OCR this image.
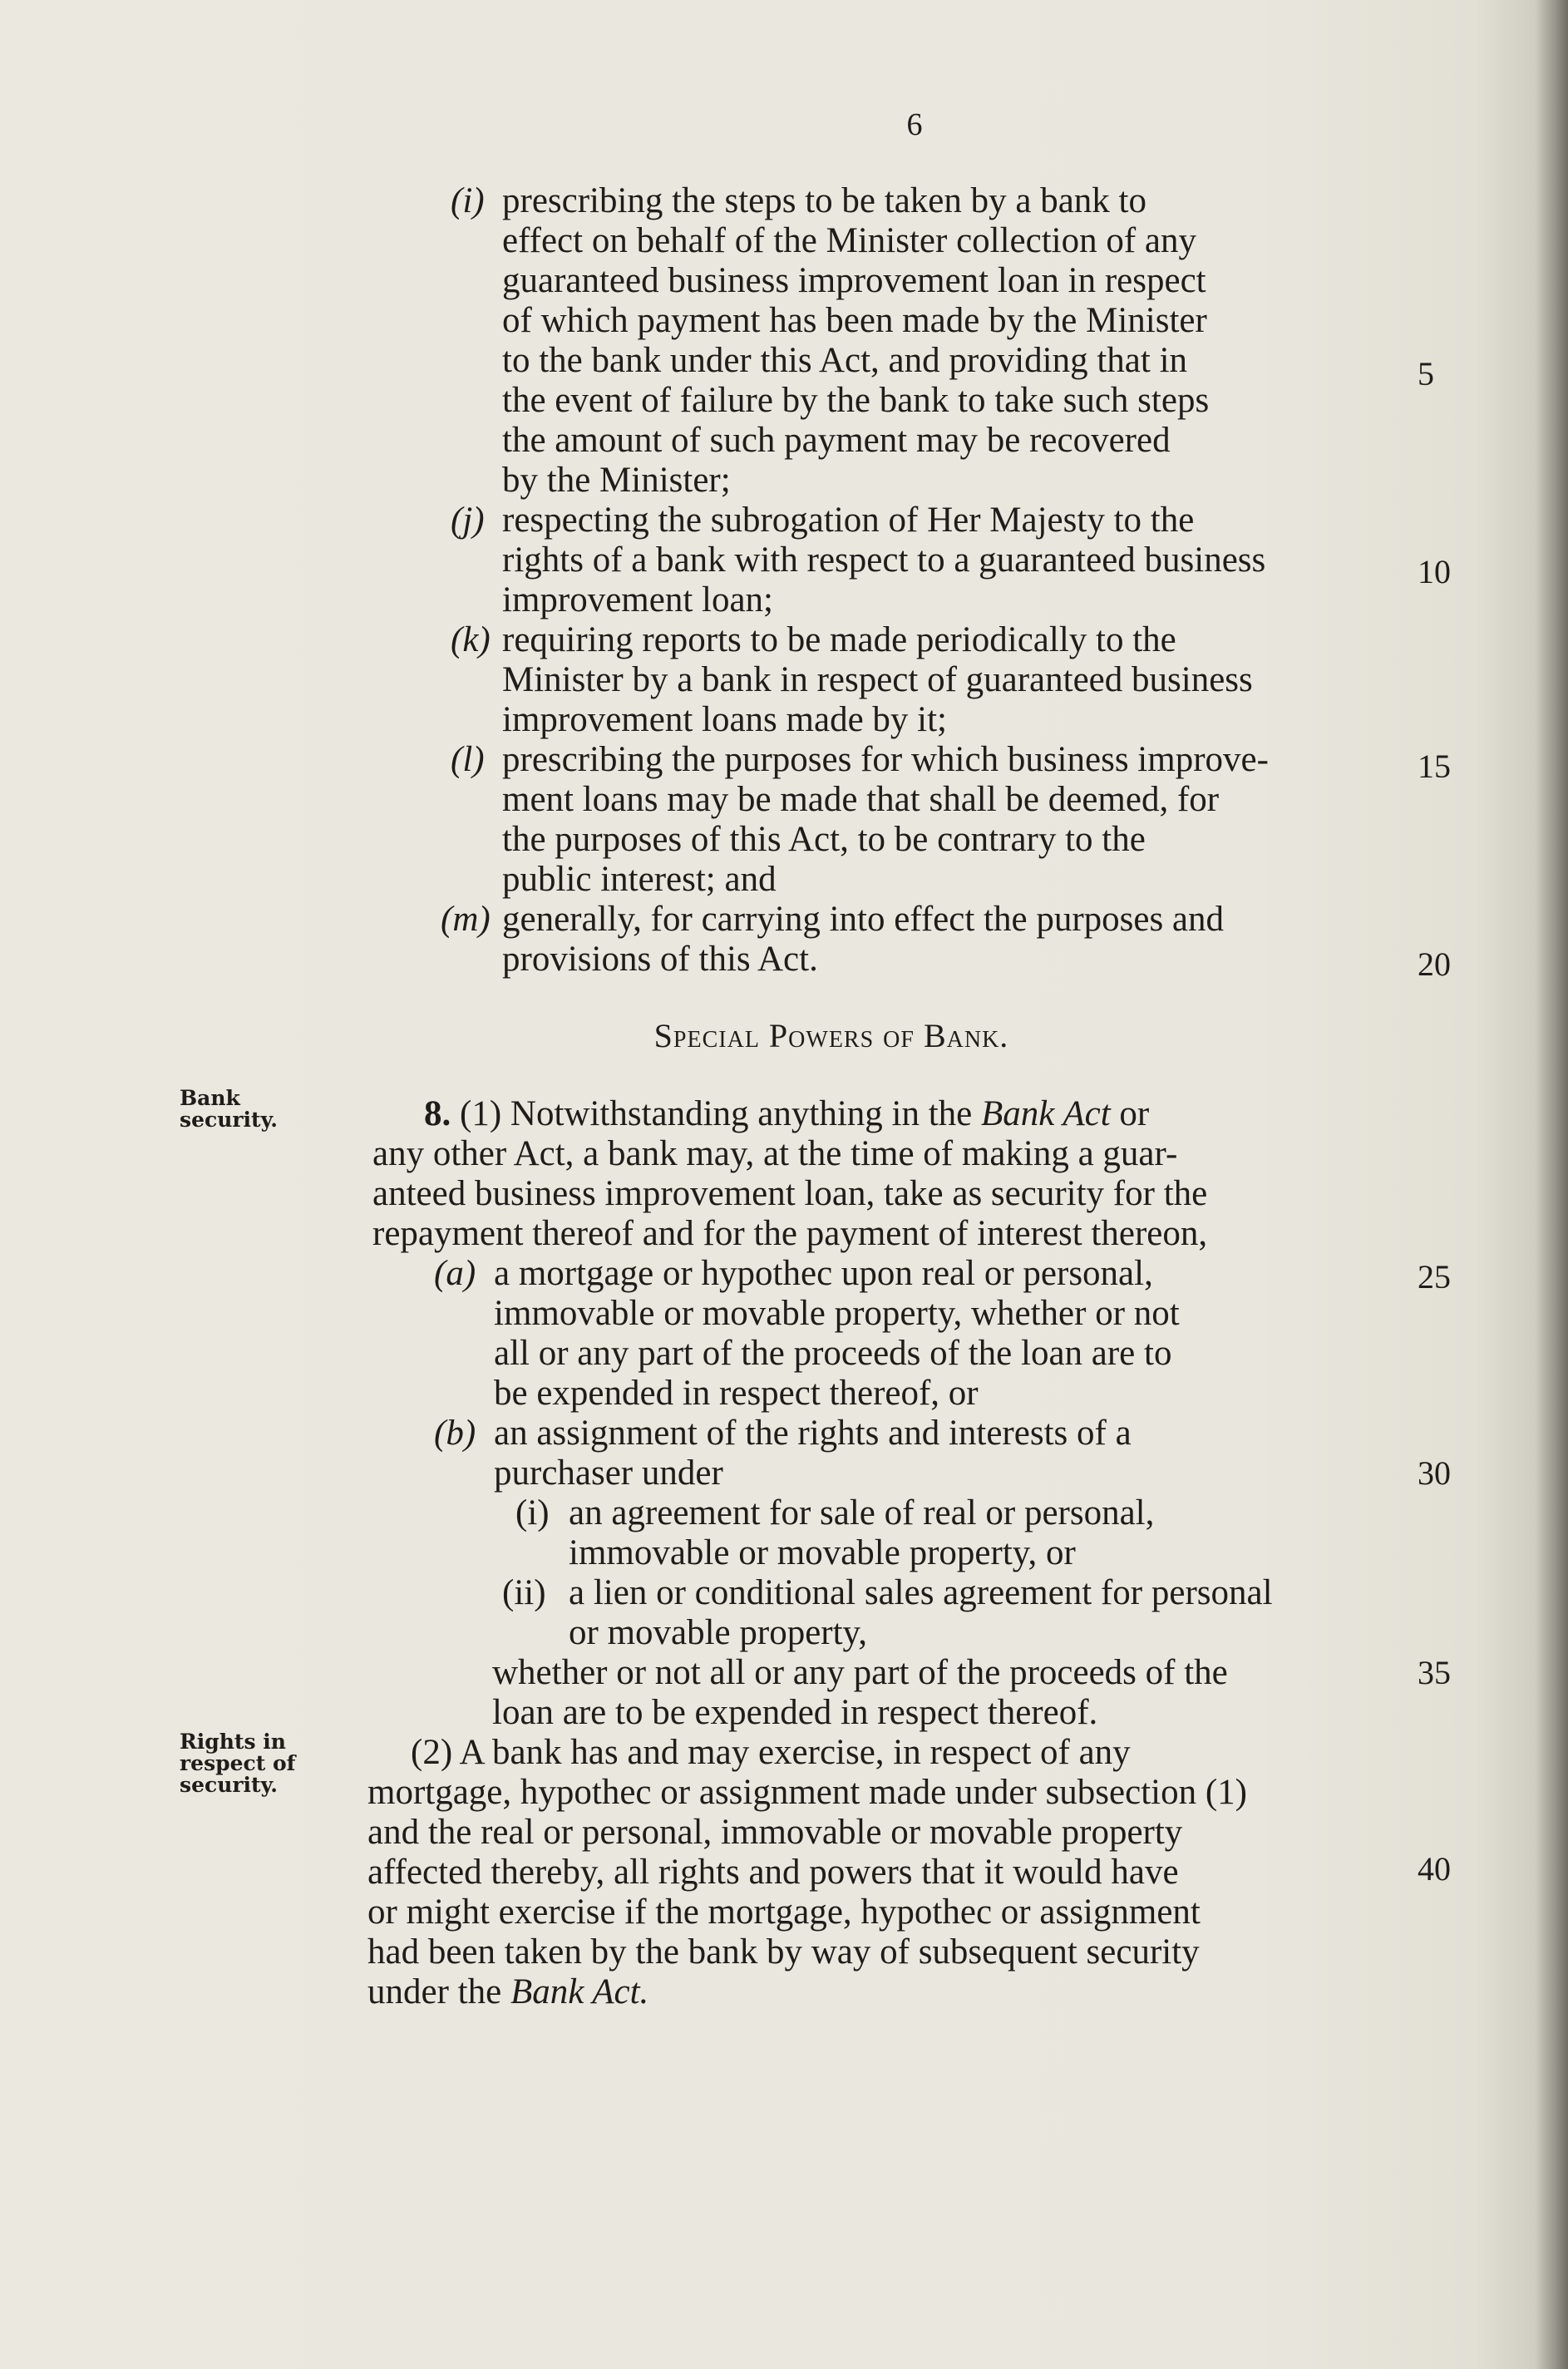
6
(i) prescribing the steps to be taken by a bank to
effect on behalf of the Minister collection of any
guaranteed business improvement loan in respect
of which payment has been made by the Minister
to the bank under this Act, and providing that in
the event of failure by the bank to take such steps
the amount of such payment may be recovered
by the Minister;
(j) respecting the subrogation of Her Majesty to the
rights of a bank with respect to a guaranteed business
improvement loan;
(k) requiring reports to be made periodically to the
Minister by a bank in respect of guaranteed business
improvement loans made by it;
(l) prescribing the purposes for which business improve-
ment loans may be made that shall be deemed, for
the purposes of this Act, to be contrary to the
public interest; and
(m) generally, for carrying into effect the purposes and
provisions of this Act.
Special Powers of Bank.
Bank
security.	8. (1) Notwithstanding anything in the Bank Act or
any other Act, a bank may, at the time of making a guar-
anteed business improvement loan, take as security for the
repayment thereof and for the payment of interest thereon,
(a) a mortgage or hypothec upon real or personal,
immovable or movable property, whether or not
all or any part of the proceeds of the loan are to
be expended in respect thereof, or
(b) an assignment of the rights and interests of a
purchaser under
(i) an agreement for sale of real or personal,
immovable or movable property, or
(ii) a lien or conditional sales agreement for personal
or movable property,
whether or not all or any part of the proceeds of the
loan are to be expended in respect thereof.
Rights in
respect of
security.
(2) A bank has and may exercise, in respect of any
mortgage, hypothec or assignment made under subsection (1)
and the real or personal, immovable or movable property
affected thereby, all rights and powers that it would have
or might exercise if the mortgage, hypothec or assignment
had been taken by the bank by way of subsequent security
under the Bank Act.
5
10
15
20
25
30
35
40
